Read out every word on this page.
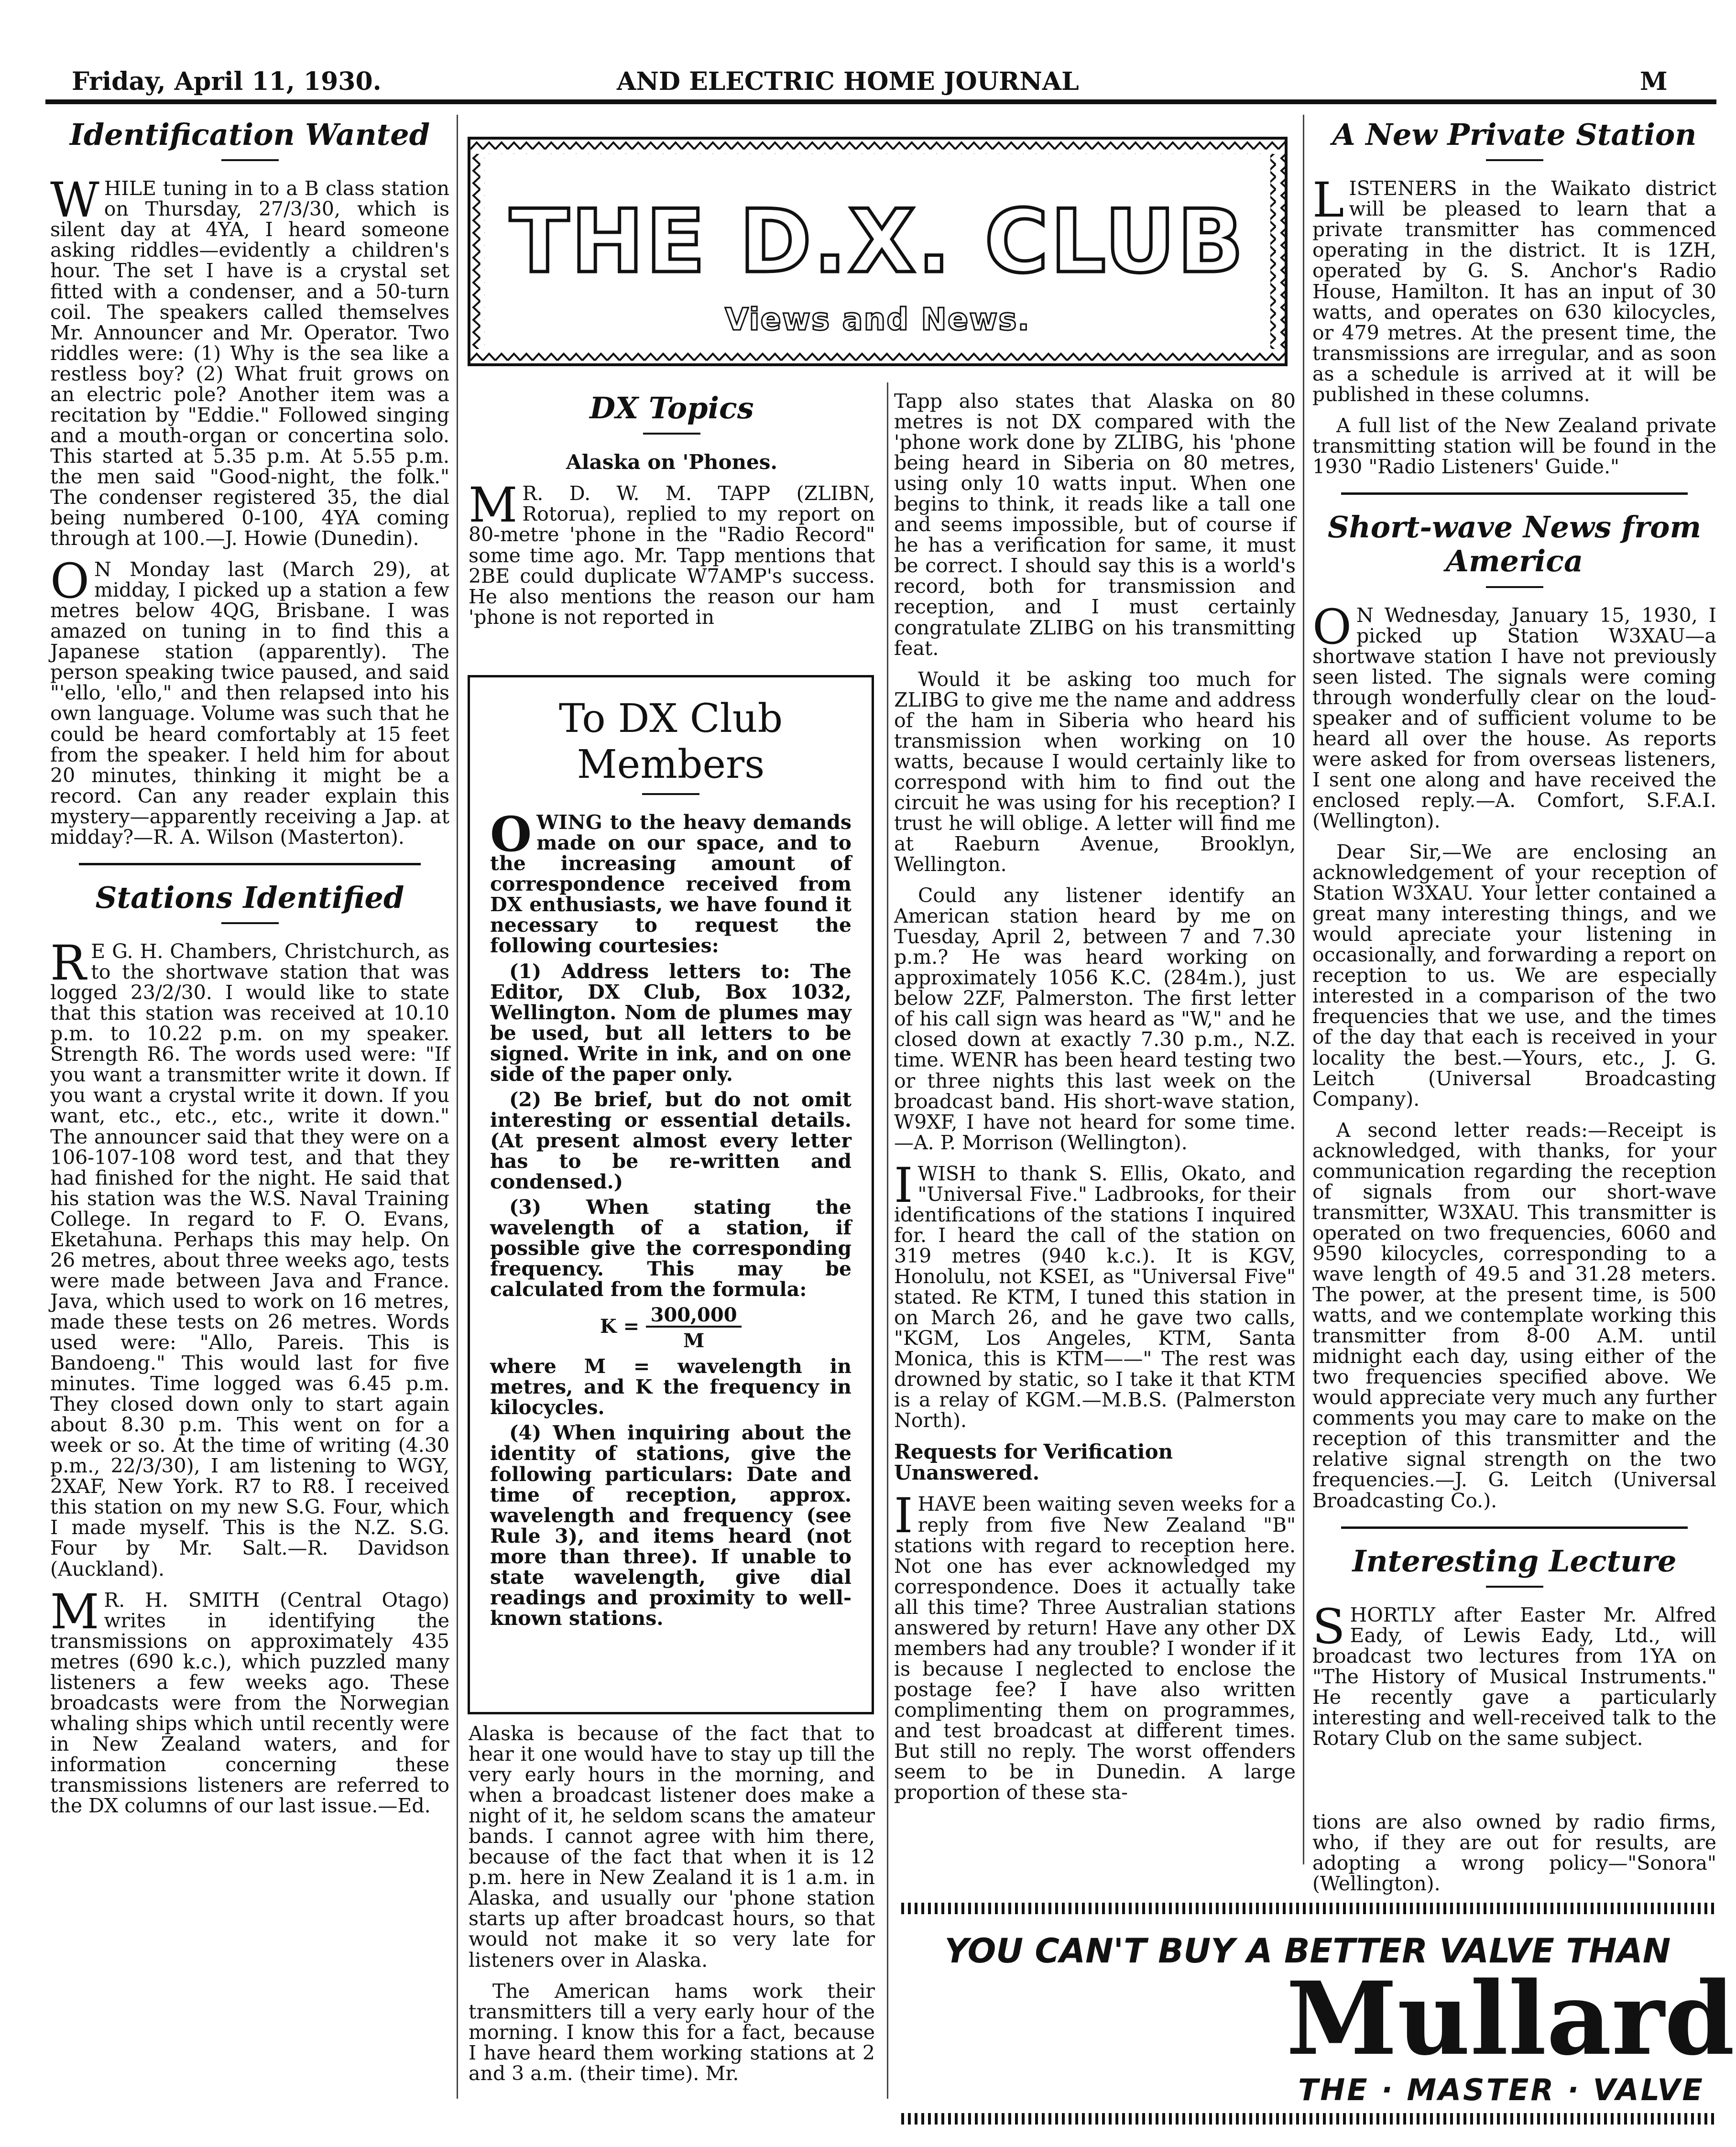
Friday, April 11, 1930.	AND ELECTRIC HOME JOURNAL	M
THE D.X. CLUB
Views and News.
Identification Wanted

WHILE tuning in to a B class station on Thursday, 27/3/30, which is silent day at 4YA, I heard someone asking riddles—evidently a children's hour. The set I have is a crystal set fitted with a condenser, and a 50-turn coil. The speakers called themselves Mr. Announcer and Mr. Operator. Two riddles were: (1) Why is the sea like a restless boy? (2) What fruit grows on an electric pole? Another item was a recitation by "Eddie." Followed singing and a mouth-organ or concertina solo. This started at 5.35 p.m. At 5.55 p.m. the men said "Good-night, the folk." The condenser registered 35, the dial being numbered 0-100, 4YA coming through at 100.—J. Howie (Dunedin).

ON Monday last (March 29), at midday, I picked up a station a few metres below 4QG, Brisbane. I was amazed on tuning in to find this a Japanese station (apparently). The person speaking twice paused, and said "'ello, 'ello," and then relapsed into his own language. Volume was such that he could be heard comfortably at 15 feet from the speaker. I held him for about 20 minutes, thinking it might be a record. Can any reader explain this mystery—apparently receiving a Jap. at midday?—R. A. Wilson (Masterton).

Stations Identified

RE G. H. Chambers, Christchurch, as to the shortwave station that was logged 23/2/30. I would like to state that this station was received at 10.10 p.m. to 10.22 p.m. on my speaker. Strength R6. The words used were: "If you want a transmitter write it down. If you want a crystal write it down. If you want, etc., etc., etc., write it down." The announcer said that they were on a 106-107-108 word test, and that they had finished for the night. He said that his station was the W.S. Naval Training College. In regard to F. O. Evans, Eketahuna. Perhaps this may help. On 26 metres, about three weeks ago, tests were made between Java and France. Java, which used to work on 16 metres, made these tests on 26 metres. Words used were: "Allo, Pareis. This is Bandoeng." This would last for five minutes. Time logged was 6.45 p.m. They closed down only to start again about 8.30 p.m. This went on for a week or so. At the time of writing (4.30 p.m., 22/3/30), I am listening to WGY, 2XAF, New York. R7 to R8. I received this station on my new S.G. Four, which I made myself. This is the N.Z. S.G. Four by Mr. Salt.—R. Davidson (Auckland).

MR. H. SMITH (Central Otago) writes in identifying the transmissions on approximately 435 metres (690 k.c.), which puzzled many listeners a few weeks ago. These broadcasts were from the Norwegian whaling ships which until recently were in New Zealand waters, and for information concerning these transmissions listeners are referred to the DX columns of our last issue.—Ed.

DX Topics
Alaska on 'Phones.

MR. D. W. M. TAPP (ZLIBN, Rotorua), replied to my report on 80-metre 'phone in the "Radio Record" some time ago. Mr. Tapp mentions that 2BE could duplicate W7AMP's success. He also mentions the reason our ham 'phone is not reported in

To DX Club
Members

OWING to the heavy demands made on our space, and to the increasing amount of correspondence received from DX enthusiasts, we have found it necessary to request the following courtesies:

(1) Address letters to: The Editor, DX Club, Box 1032, Wellington. Nom de plumes may be used, but all letters to be signed. Write in ink, and on one side of the paper only.

(2) Be brief, but do not omit interesting or essential details. (At present almost every letter has to be re-written and condensed.)

(3) When stating the wavelength of a station, if possible give the corresponding frequency. This may be calculated from the formula:

$K = \frac{300,000}{M}$

where M = wavelength in metres, and K the frequency in kilocycles.

(4) When inquiring about the identity of stations, give the following particulars: Date and time of reception, approx. wavelength and frequency (see Rule 3), and items heard (not more than three). If unable to state wavelength, give dial readings and proximity to well-known stations.

Alaska is because of the fact that to hear it one would have to stay up till the very early hours in the morning, and when a broadcast listener does make a night of it, he seldom scans the amateur bands. I cannot agree with him there, because of the fact that when it is 12 p.m. here in New Zealand it is 1 a.m. in Alaska, and usually our 'phone station starts up after broadcast hours, so that would not make it so very late for listeners over in Alaska.

The American hams work their transmitters till a very early hour of the morning. I know this for a fact, because I have heard them working stations at 2 and 3 a.m. (their time). Mr.

Tapp also states that Alaska on 80 metres is not DX compared with the 'phone work done by ZLIBG, his 'phone being heard in Siberia on 80 metres, using only 10 watts input. When one begins to think, it reads like a tall one and seems impossible, but of course if he has a verification for same, it must be correct. I should say this is a world's record, both for transmission and reception, and I must certainly congratulate ZLIBG on his transmitting feat.

Would it be asking too much for ZLIBG to give me the name and address of the ham in Siberia who heard his transmission when working on 10 watts, because I would certainly like to correspond with him to find out the circuit he was using for his reception? I trust he will oblige. A letter will find me at Raeburn Avenue, Brooklyn, Wellington.

Could any listener identify an American station heard by me on Tuesday, April 2, between 7 and 7.30 p.m.? He was heard working on approximately 1056 K.C. (284m.), just below 2ZF, Palmerston. The first letter of his call sign was heard as "W," and he closed down at exactly 7.30 p.m., N.Z. time. WENR has been heard testing two or three nights this last week on the broadcast band. His short-wave station, W9XF, I have not heard for some time.—A. P. Morrison (Wellington).

IWISH to thank S. Ellis, Okato, and "Universal Five." Ladbrooks, for their identifications of the stations I inquired for. I heard the call of the station on 319 metres (940 k.c.). It is KGV, Honolulu, not KSEI, as "Universal Five" stated. Re KTM, I tuned this station in on March 26, and he gave two calls, "KGM, Los Angeles, KTM, Santa Monica, this is KTM——" The rest was drowned by static, so I take it that KTM is a relay of KGM.—M.B.S. (Palmerston North).

Requests for Verification Unanswered.

IHAVE been waiting seven weeks for a reply from five New Zealand "B" stations with regard to reception here. Not one has ever acknowledged my correspondence. Does it actually take all this time? Three Australian stations answered by return! Have any other DX members had any trouble? I wonder if it is because I neglected to enclose the postage fee? I have also written complimenting them on programmes, and test broadcast at different times. But still no reply. The worst offenders seem to be in Dunedin. A large proportion of these sta-

A New Private Station

LISTENERS in the Waikato district will be pleased to learn that a private transmitter has commenced operating in the district. It is 1ZH, operated by G. S. Anchor's Radio House, Hamilton. It has an input of 30 watts, and operates on 630 kilocycles, or 479 metres. At the present time, the transmissions are irregular, and as soon as a schedule is arrived at it will be published in these columns.

A full list of the New Zealand private transmitting station will be found in the 1930 "Radio Listeners' Guide."

Short-wave News from
America

ON Wednesday, January 15, 1930, I picked up Station W3XAU—a shortwave station I have not previously seen listed. The signals were coming through wonderfully clear on the loud-speaker and of sufficient volume to be heard all over the house. As reports were asked for from overseas listeners, I sent one along and have received the enclosed reply.—A. Comfort, S.F.A.I. (Wellington).

Dear Sir,—We are enclosing an acknowledgement of your reception of Station W3XAU. Your letter contained a great many interesting things, and we would apreciate your listening in occasionally, and forwarding a report on reception to us. We are especially interested in a comparison of the two frequencies that we use, and the times of the day that each is received in your locality the best.—Yours, etc., J. G. Leitch (Universal Broadcasting Company).

A second letter reads:—Receipt is acknowledged, with thanks, for your communication regarding the reception of signals from our short-wave transmitter, W3XAU. This transmitter is operated on two frequencies, 6060 and 9590 kilocycles, corresponding to a wave length of 49.5 and 31.28 meters. The power, at the present time, is 500 watts, and we contemplate working this transmitter from 8-00 A.M. until midnight each day, using either of the two frequencies specified above. We would appreciate very much any further comments you may care to make on the reception of this transmitter and the relative signal strength on the two frequencies.—J. G. Leitch (Universal Broadcasting Co.).

Interesting Lecture

SHORTLY after Easter Mr. Alfred Eady, of Lewis Eady, Ltd., will broadcast two lectures from 1YA on "The History of Musical Instruments." He recently gave a particularly interesting and well-received talk to the Rotary Club on the same subject.

tions are also owned by radio firms, who, if they are out for results, are adopting a wrong policy—"Sonora" (Wellington).

YOU CAN'T BUY A BETTER VALVE THAN
Mullard
THE · MASTER · VALVE
